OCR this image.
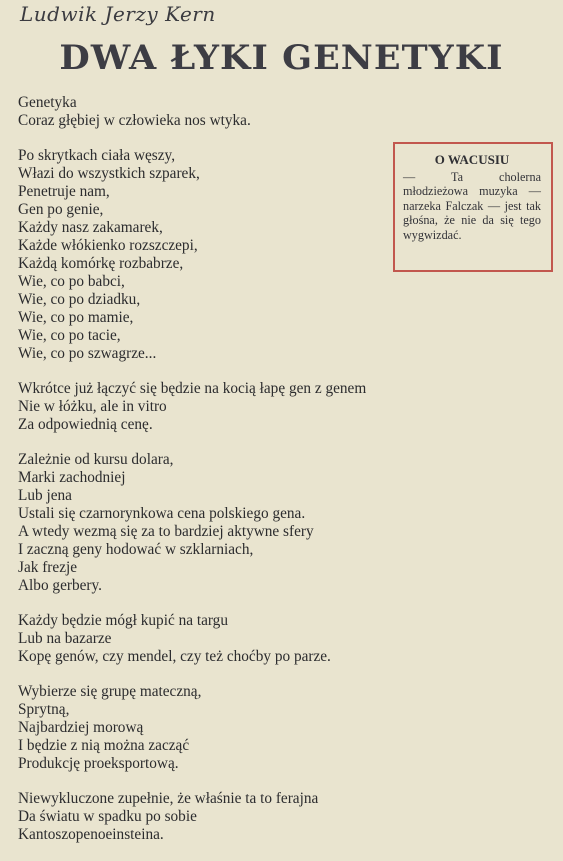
Ludwik Jerzy Kern
DWA ŁYKI GENETYKI
Genetyka
Coraz głębiej w człowieka nos wtyka.
Po skrytkach ciała węszy,
Włazi do wszystkich szparek,
Penetruje nam,
Gen po genie,
Każdy nasz zakamarek,
Każde włókienko rozszczepi,
Każdą komórkę rozbabrze,
Wie, co po babci,
Wie, co po dziadku,
Wie, co po mamie,
Wie, co po tacie,
Wie, co po szwagrze...
Wkrótce już łączyć się będzie na kocią łapę gen z genem
Nie w łóżku, ale in vitro
Za odpowiednią cenę.
Zależnie od kursu dolara,
Marki zachodniej
Lub jena
Ustali się czarnorynkowa cena polskiego gena.
A wtedy wezmą się za to bardziej aktywne sfery
I zaczną geny hodować w szklarniach,
Jak frezje
Albo gerbery.
Każdy będzie mógł kupić na targu
Lub na bazarze
Kopę genów, czy mendel, czy też choćby po parze.
Wybierze się grupę mateczną,
Sprytną,
Najbardziej morową
I będzie z nią można zacząć
Produkcję proeksportową.
Niewykluczone zupełnie, że właśnie ta to ferajna
Da światu w spadku po sobie
Kantoszopenoeinsteina.
O WACUSIU
— Ta cholerna młodzieżowa muzyka — narzeka Falczak — jest tak głośna, że nie da się tego wygwizdać.
